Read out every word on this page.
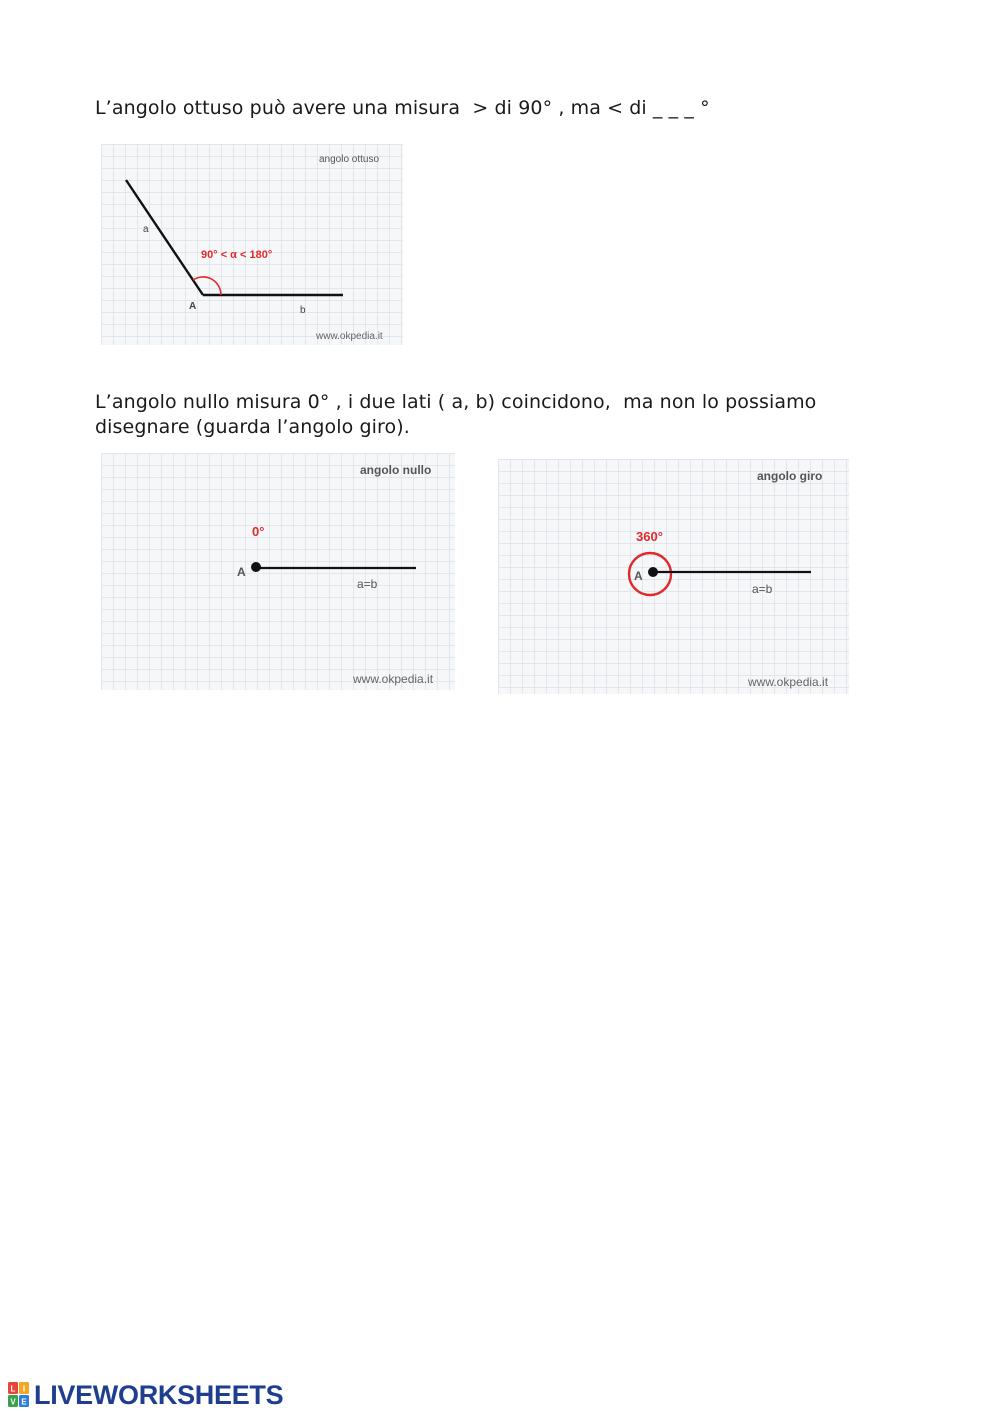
L’angolo ottuso può avere una misura  > di 90° , ma < di _ _ _ °
L’angolo nullo misura 0° , i due lati ( a, b) coincidono,  ma non lo possiamo
disegnare (guarda l’angolo giro).
angolo ottuso
a
b
A
90° < α < 180°
www.okpedia.it
angolo nullo
0°
A
a=b
www.okpedia.it
angolo giro
360°
A
a=b
www.okpedia.it
L I
V E LIVEWORKSHEETS
